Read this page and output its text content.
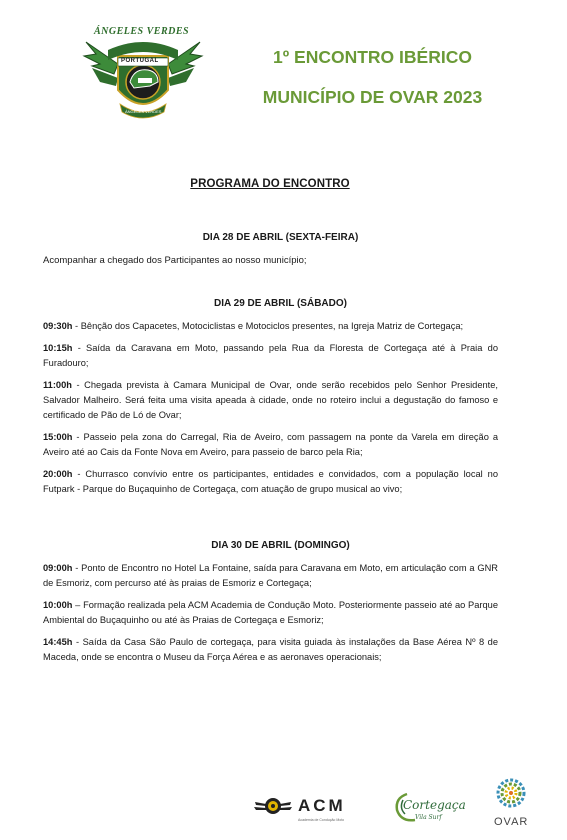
ÁNGELES VERDES
PORTUGAL
ÁNGELES VERDES
1º ENCONTRO IBÉRICO
MUNICÍPIO DE OVAR 2023
PROGRAMA DO ENCONTRO
DIA 28 DE ABRIL (SEXTA-FEIRA)

Acompanhar a chegado dos Participantes ao nosso município;

DIA 29 DE ABRIL (SÁBADO)

09:30h - Bênção dos Capacetes, Motociclistas e Motociclos presentes, na Igreja Matriz de Cortegaça;

10:15h - Saída da Caravana em Moto, passando pela Rua da Floresta de Cortegaça até à Praia do Furadouro;

11:00h - Chegada prevista à Camara Municipal de Ovar, onde serão recebidos pelo Senhor Presidente, Salvador Malheiro. Será feita uma visita apeada à cidade, onde no roteiro inclui a degustação do famoso e certificado de Pão de Ló de Ovar;

15:00h - Passeio pela zona do Carregal, Ria de Aveiro, com passagem na ponte da Varela em direção a Aveiro até ao Cais da Fonte Nova em Aveiro, para passeio de barco pela Ria;

20:00h - Churrasco convívio entre os participantes, entidades e convidados, com a população local no Futpark - Parque do Buçaquinho de Cortegaça, com atuação de grupo musical ao vivo;

DIA 30 DE ABRIL (DOMINGO)

09:00h - Ponto de Encontro no Hotel La Fontaine, saída para Caravana em Moto, em articulação com a GNR de Esmoriz, com percurso até às praias de Esmoriz e Cortegaça;

10:00h – Formação realizada pela ACM Academia de Condução Moto. Posteriormente passeio até ao Parque Ambiental do Buçaquinho ou até às Praias de Cortegaça e Esmoriz;

14:45h - Saída da Casa São Paulo de cortegaça, para visita guiada às instalações da Base Aérea Nº 8 de Maceda, onde se encontra o Museu da Força Aérea e as aeronaves operacionais;

ACM
Academia de Condução Moto
Cortegaça
Vila Surf	OVAR
